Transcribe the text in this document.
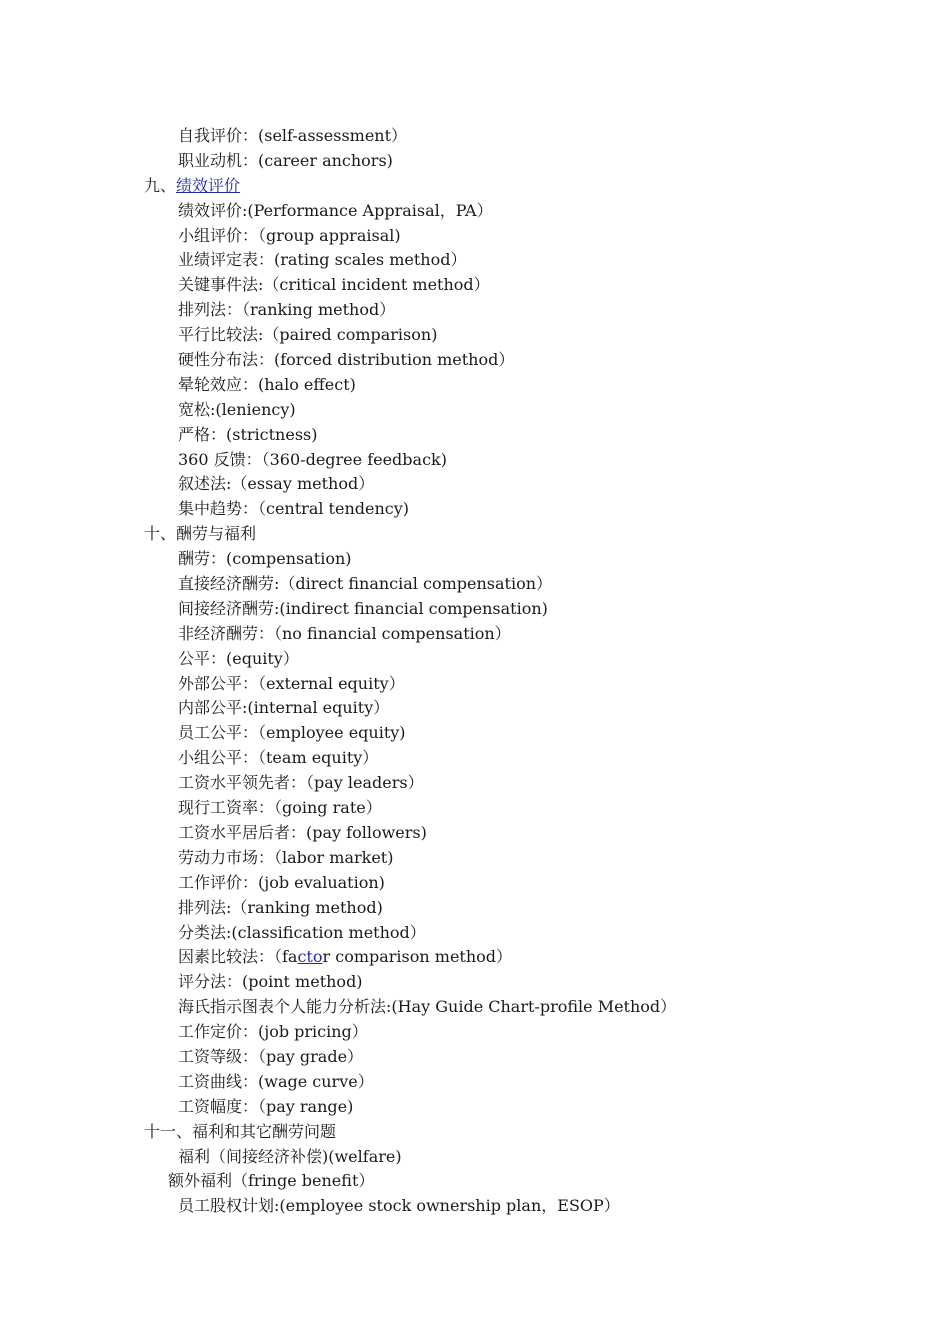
自我评价：(self-assessment）
职业动机：(career anchors)
九、绩效评价
绩效评价:(Performance Appraisal，PA）
小组评价：（group appraisal)
业绩评定表：(rating scales method）
关键事件法:（critical incident method）
排列法：（ranking method）
平行比较法:（paired comparison)
硬性分布法：(forced distribution method）
晕轮效应：(halo effect)
宽松:(leniency)
严格：(strictness)
360 反馈：（360-degree feedback)
叙述法:（essay method）
集中趋势：（central tendency)
十、酬劳与福利
酬劳：(compensation)
直接经济酬劳:（direct financial compensation）
间接经济酬劳:(indirect financial compensation)
非经济酬劳：（no financial compensation）
公平：(equity）
外部公平：（external equity）
内部公平:(internal equity）
员工公平：（employee equity)
小组公平：（team equity）
工资水平领先者：（pay leaders）
现行工资率：（going rate）
工资水平居后者：(pay followers)
劳动力市场：（labor market)
工作评价：(job evaluation)
排列法:（ranking method)
分类法:(classification method）
因素比较法：（factor comparison method）
评分法：(point method)
海氏指示图表个人能力分析法:(Hay Guide Chart-profile Method）
工作定价：(job pricing）
工资等级：（pay grade）
工资曲线：(wage curve）
工资幅度：（pay range)
十一、福利和其它酬劳问题
福利（间接经济补偿)(welfare)
额外福利（fringe benefit）
员工股权计划:(employee stock ownership plan，ESOP）
